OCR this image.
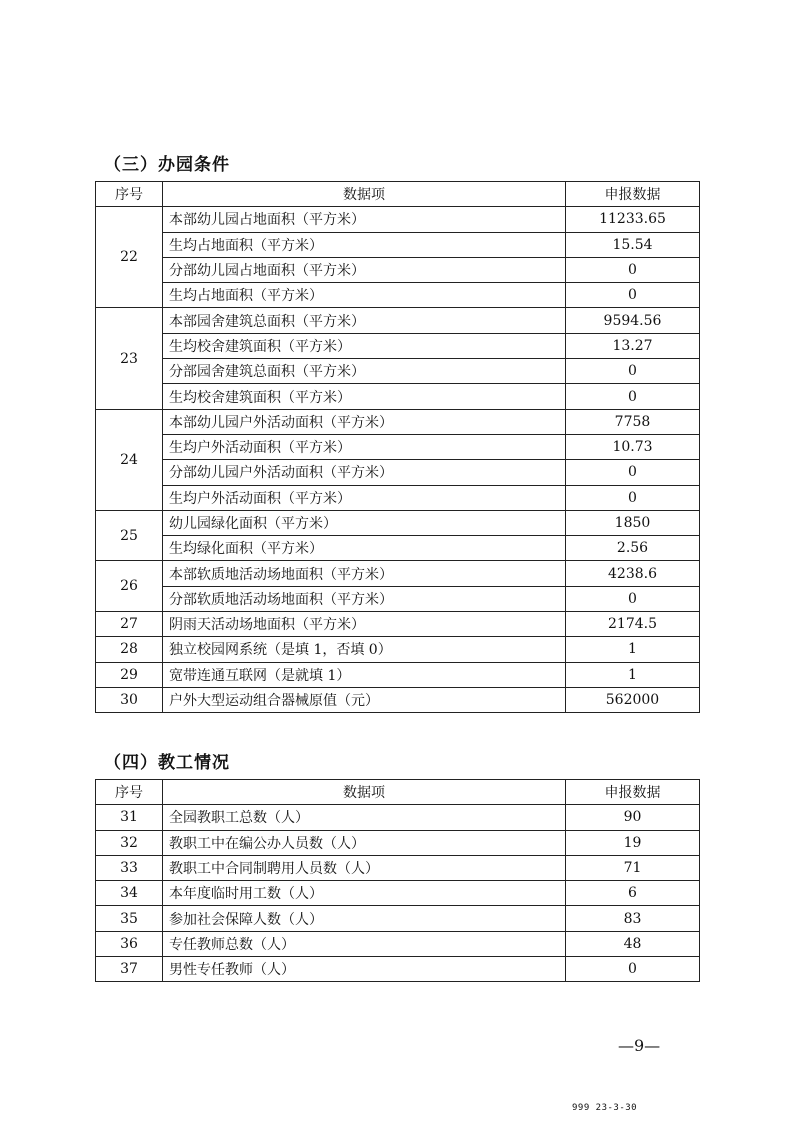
（三）办园条件
序号	数据项	申报数据
22	本部幼儿园占地面积（平方米）	11233.65
	生均占地面积（平方米）	15.54
	分部幼儿园占地面积（平方米）	0
	生均占地面积（平方米）	0
23	本部园舍建筑总面积（平方米）	9594.56
	生均校舍建筑面积（平方米）	13.27
	分部园舍建筑总面积（平方米）	0
	生均校舍建筑面积（平方米）	0
24	本部幼儿园户外活动面积（平方米）	7758
	生均户外活动面积（平方米）	10.73
	分部幼儿园户外活动面积（平方米）	0
	生均户外活动面积（平方米）	0
25	幼儿园绿化面积（平方米）	1850
	生均绿化面积（平方米）	2.56
26	本部软质地活动场地面积（平方米）	4238.6
	分部软质地活动场地面积（平方米）	0
27	阴雨天活动场地面积（平方米）	2174.5
28	独立校园网系统（是填 1，否填 0）	1
29	宽带连通互联网（是就填 1）	1
30	户外大型运动组合器械原值（元）	562000
（四）教工情况
序号	数据项	申报数据
31	全园教职工总数（人）	90
32	教职工中在编公办人员数（人）	19
33	教职工中合同制聘用人员数（人）	71
34	本年度临时用工数（人）	6
35	参加社会保障人数（人）	83
36	专任教师总数（人）	48
37	男性专任教师（人）	0
—9—
999 23-3-30
